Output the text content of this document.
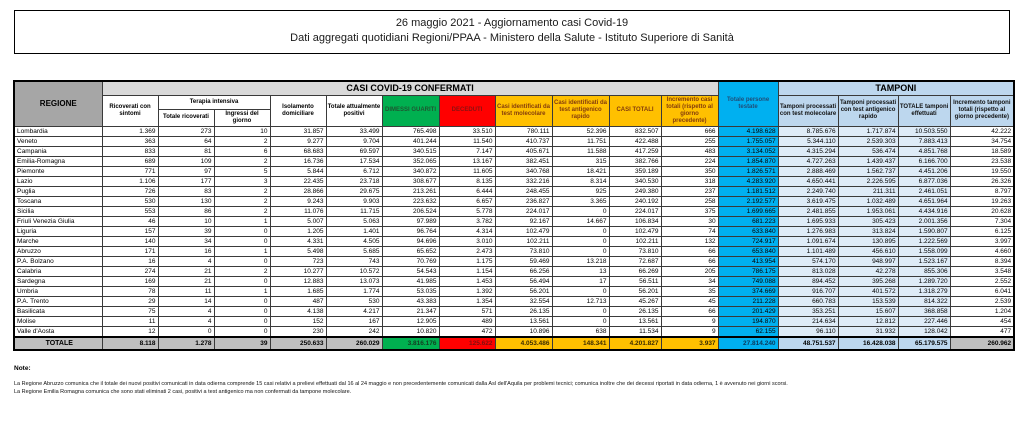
26 maggio 2021 - Aggiornamento casi Covid-19
Dati aggregati quotidiani Regioni/PPAA - Ministero della Salute - Istituto Superiore di Sanità
REGIONE	CASI COVID-19 CONFERMATI											Totale persone testate	TAMPONI			
	Ricoverati con sintomi	Terapia intensiva		Isolamento domiciliare	Totale attualmente positivi	DIMESSI GUARITI	DECEDUTI	Casi identificati da test molecolare	Casi identificati da test antigenico rapido	CASI TOTALI	Incremento casi totali (rispetto al giorno precedente)		Tamponi processati con test molecolare	Tamponi processati con test antigenico rapido	TOTALE tamponi effettuati	Incremento tamponi totali (rispetto al giorno precedente)
		Totale ricoverati	Ingressi del giorno													
Lombardia	1.369	273	10	31.857	33.499	765.498	33.510	780.111	52.396	832.507	666	4.198.628	8.785.676	1.717.874	10.503.550	42.222
Veneto	363	64	2	9.277	9.704	401.244	11.540	410.737	11.751	422.488	255	1.755.057	5.344.110	2.539.303	7.883.413	34.754
Campania	833	81	6	68.683	69.597	340.515	7.147	405.671	11.588	417.259	483	3.134.052	4.315.294	536.474	4.851.768	18.589
Emilia-Romagna	689	109	2	16.736	17.534	352.065	13.167	382.451	315	382.766	224	1.854.870	4.727.263	1.439.437	6.166.700	23.538
Piemonte	771	97	5	5.844	6.712	340.872	11.605	340.768	18.421	359.189	350	1.826.571	2.888.469	1.562.737	4.451.206	19.550
Lazio	1.106	177	3	22.435	23.718	308.677	8.135	332.216	8.314	340.530	318	4.283.920	4.650.441	2.226.595	6.877.036	26.326
Puglia	726	83	2	28.866	29.675	213.261	6.444	248.455	925	249.380	237	1.181.512	2.249.740	211.311	2.461.051	8.797
Toscana	530	130	2	9.243	9.903	223.632	6.657	236.827	3.365	240.192	258	2.192.577	3.619.475	1.032.489	4.651.964	19.263
Sicilia	553	86	2	11.076	11.715	206.524	5.778	224.017	0	224.017	375	1.699.665	2.481.855	1.953.061	4.434.916	20.628
Friuli Venezia Giulia	46	10	1	5.007	5.063	97.989	3.782	92.167	14.667	106.834	30	681.223	1.695.933	305.423	2.001.356	7.304
Liguria	157	39	0	1.205	1.401	96.764	4.314	102.479	0	102.479	74	633.840	1.276.983	313.824	1.590.807	6.125
Marche	140	34	0	4.331	4.505	94.696	3.010	102.211	0	102.211	132	724.917	1.091.674	130.895	1.222.569	3.997
Abruzzo	171	16	1	5.498	5.685	65.652	2.473	73.810	0	73.810	66	653.840	1.101.489	456.610	1.558.099	4.660
P.A. Bolzano	16	4	0	723	743	70.769	1.175	59.469	13.218	72.687	66	413.954	574.170	948.997	1.523.167	8.394
Calabria	274	21	2	10.277	10.572	54.543	1.154	66.256	13	66.269	205	786.175	813.028	42.278	855.306	3.548
Sardegna	169	21	0	12.883	13.073	41.985	1.453	56.494	17	56.511	34	749.088	894.452	395.268	1.289.720	2.552
Umbria	78	11	1	1.685	1.774	53.035	1.392	56.201	0	56.201	35	374.669	916.707	401.572	1.318.279	6.041
P.A. Trento	29	14	0	487	530	43.383	1.354	32.554	12.713	45.267	45	211.228	660.783	153.539	814.322	2.539
Basilicata	75	4	0	4.138	4.217	21.347	571	26.135	0	26.135	66	201.429	353.251	15.607	368.858	1.204
Molise	11	4	0	152	167	12.905	489	13.561	0	13.561	9	194.870	214.634	12.812	227.446	454
Valle d'Aosta	12	0	0	230	242	10.820	472	10.896	638	11.534	9	62.155	96.110	31.932	128.042	477
TOTALE	8.118	1.278	39	250.633	260.029	3.816.176	125.622	4.053.486	148.341	4.201.827	3.937	27.814.240	48.751.537	16.428.038	65.179.575	260.962
Note:
La Regione Abruzzo comunica che il totale dei nuovi positivi comunicati in data odierna comprende 15 casi relativi a prelievi effettuati dal 16 al 24 maggio e non precedentemente comunicati dalla Asl dell'Aquila per problemi tecnici; comunica inoltre che dei decessi riportati in data odierna, 1 è avvenuto nei giorni scorsi.
La Regione Emilia Romagna comunica che sono stati eliminati 2 casi, positivi a test antigenico ma non confermati da tampone molecolare.
